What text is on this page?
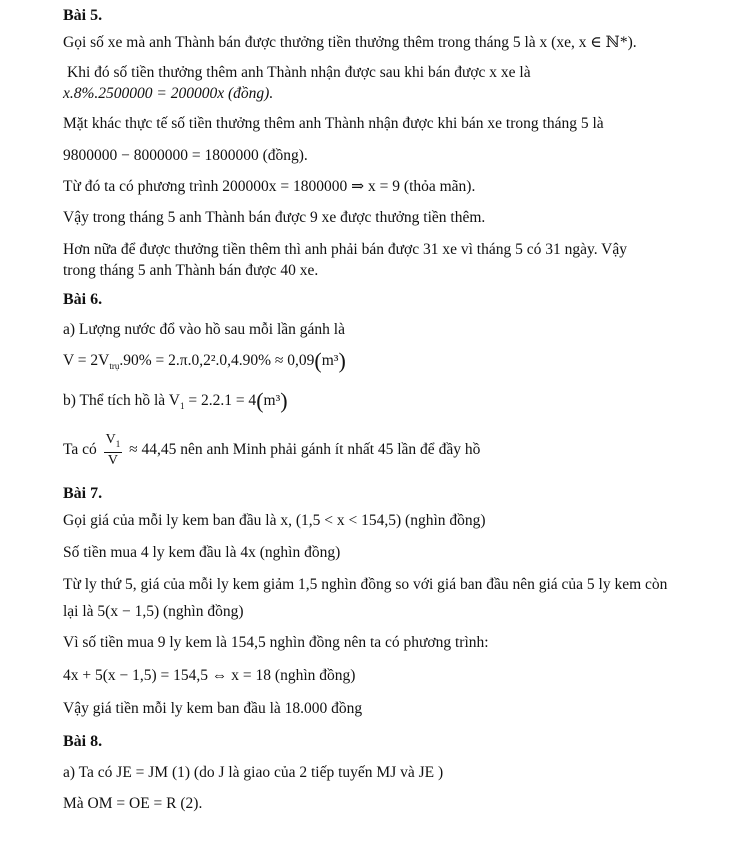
Bài 5.
Gọi số xe mà anh Thành bán được thưởng tiền thưởng thêm trong tháng 5 là x (xe, x ∈ ℕ*).
Khi đó số tiền thưởng thêm anh Thành nhận được sau khi bán được x xe là
x.8%.2500000 = 200000x (đồng).
Mặt khác thực tế số tiền thưởng thêm anh Thành nhận được khi bán xe trong tháng 5 là
9800000 − 8000000 = 1800000 (đồng).
Từ đó ta có phương trình 200000x = 1800000 ⇒ x = 9 (thỏa mãn).
Vậy trong tháng 5 anh Thành bán được 9 xe được thưởng tiền thêm.
Hơn nữa để được thưởng tiền thêm thì anh phải bán được 31 xe vì tháng 5 có 31 ngày. Vậy
trong tháng 5 anh Thành bán được 40 xe.
Bài 6.
a) Lượng nước đổ vào hồ sau mỗi lần gánh là
$V = 2V_{trụ}.90\% = 2.\pi.0,2^2.0,4.90\% \approx 0,09(m^3)$
b) Thể tích hồ là $V_1 = 2.2.1 = 4(m^3)$
Ta có $\frac{V_1}{V} \approx 44,45$ nên anh Minh phải gánh ít nhất 45 lần để đầy hồ
Bài 7.
Gọi giá của mỗi ly kem ban đầu là x, (1,5 < x < 154,5) (nghìn đồng)
Số tiền mua 4 ly kem đầu là 4x (nghìn đồng)
Từ ly thứ 5, giá của mỗi ly kem giảm 1,5 nghìn đồng so với giá ban đầu nên giá của 5 ly kem còn
lại là 5(x − 1,5) (nghìn đồng)
Vì số tiền mua 9 ly kem là 154,5 nghìn đồng nên ta có phương trình:
4x + 5(x − 1,5) = 154,5 ⇔ x = 18 (nghìn đồng)
Vậy giá tiền mỗi ly kem ban đầu là 18.000 đồng
Bài 8.
a) Ta có JE = JM (1) (do J là giao của 2 tiếp tuyến MJ và JE )
Mà OM = OE = R (2).
